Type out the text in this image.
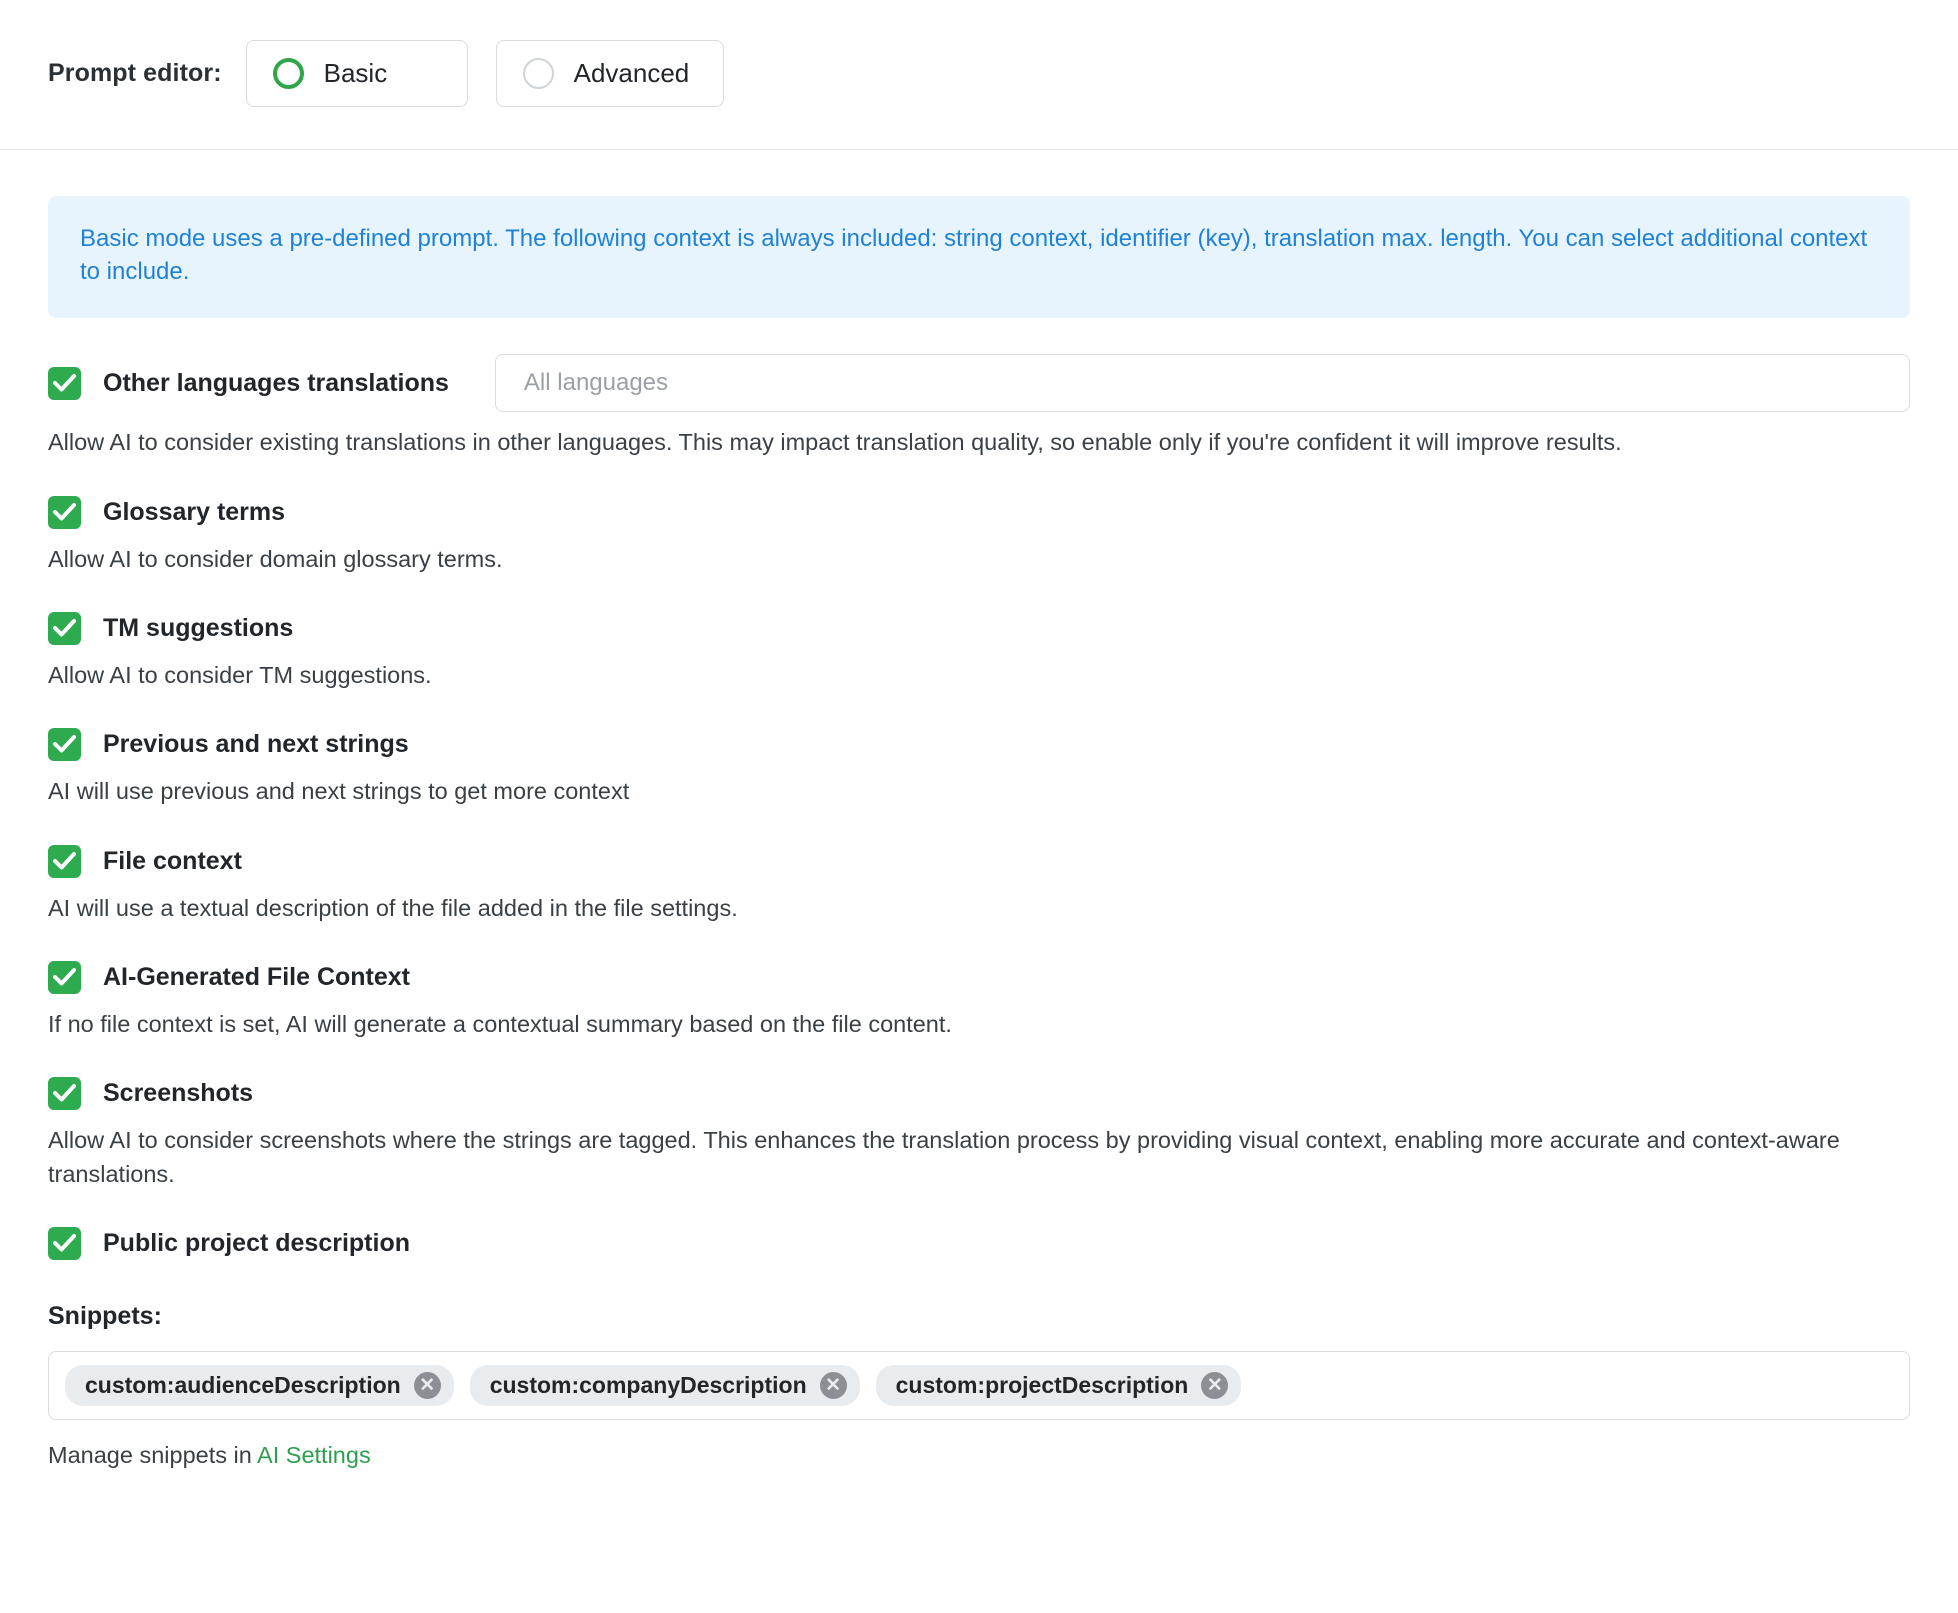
Prompt editor:	Basic	Advanced
Basic mode uses a pre-defined prompt. The following context is always included: string context, identifier (key), translation max. length. You can select additional context to include.
Other languages translations	All languages
Allow AI to consider existing translations in other languages. This may impact translation quality, so enable only if you're confident it will improve results.
Glossary terms
Allow AI to consider domain glossary terms.
TM suggestions
Allow AI to consider TM suggestions.
Previous and next strings
AI will use previous and next strings to get more context
File context
AI will use a textual description of the file added in the file settings.
AI-Generated File Context
If no file context is set, AI will generate a contextual summary based on the file content.
Screenshots
Allow AI to consider screenshots where the strings are tagged. This enhances the translation process by providing visual context, enabling more accurate and context-aware translations.
Public project description
Snippets:
custom:audienceDescription ✕ custom:companyDescription ✕ custom:projectDescription ✕
Manage snippets in AI Settings
